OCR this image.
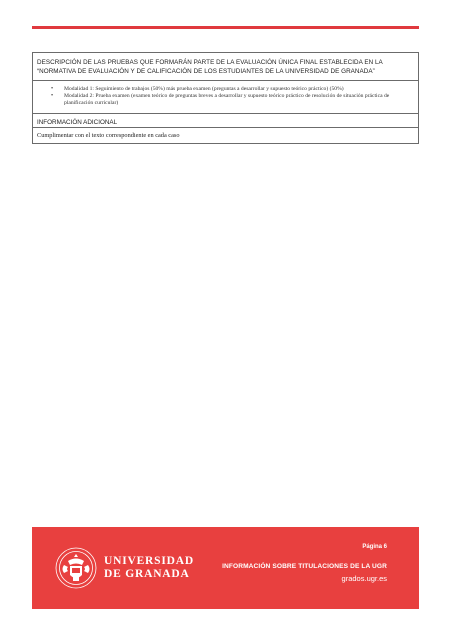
DESCRIPCIÓN DE LAS PRUEBAS QUE FORMARÁN PARTE DE LA EVALUACIÓN ÚNICA FINAL ESTABLECIDA EN LA
“NORMATIVA DE EVALUACIÓN Y DE CALIFICACIÓN DE LOS ESTUDIANTES DE LA UNIVERSIDAD DE GRANADA”
• Modalidad 1: Seguimiento de trabajos (50%) más prueba examen (preguntas a desarrollar y supuesto teórico práctico) (50%)
• Modalidad 2: Prueba examen (examen teórico de preguntas breves a desarrollar y supuesto teórico práctico de resolución de situación práctica de planificación curricular)
INFORMACIÓN ADICIONAL
Cumplimentar con el texto correspondiente en cada caso
UNIVERSIDAD
DE GRANADA
Página 6
INFORMACIÓN SOBRE TITULACIONES DE LA UGR
grados.ugr.es
